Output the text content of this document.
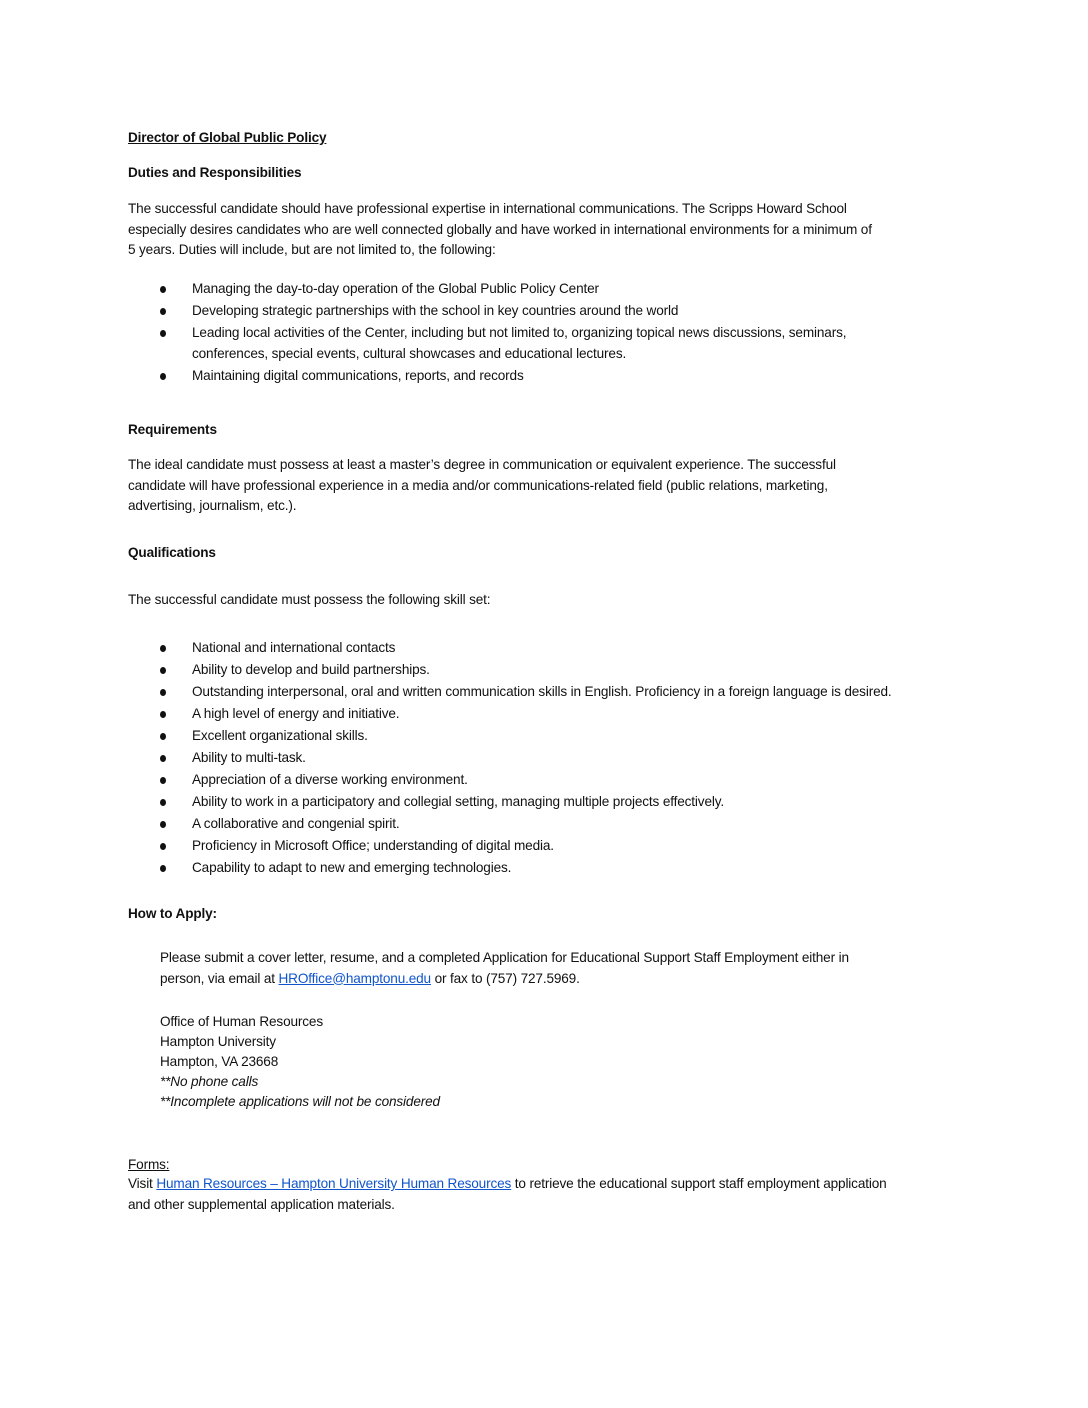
Director of Global Public Policy
Duties and Responsibilities
The successful candidate should have professional expertise in international communications. The Scripps Howard School
especially desires candidates who are well connected globally and have worked in international environments for a minimum of
5 years. Duties will include, but are not limited to, the following:
Managing the day-to-day operation of the Global Public Policy Center
Developing strategic partnerships with the school in key countries around the world
Leading local activities of the Center, including but not limited to, organizing topical news discussions, seminars,
conferences, special events, cultural showcases and educational lectures.
Maintaining digital communications, reports, and records
Requirements
The ideal candidate must possess at least a master’s degree in communication or equivalent experience. The successful
candidate will have professional experience in a media and/or communications-related field (public relations, marketing,
advertising, journalism, etc.).
Qualifications
The successful candidate must possess the following skill set:
National and international contacts
Ability to develop and build partnerships.
Outstanding interpersonal, oral and written communication skills in English. Proficiency in a foreign language is desired.
A high level of energy and initiative.
Excellent organizational skills.
Ability to multi-task.
Appreciation of a diverse working environment.
Ability to work in a participatory and collegial setting, managing multiple projects effectively.
A collaborative and congenial spirit.
Proficiency in Microsoft Office; understanding of digital media.
Capability to adapt to new and emerging technologies.
How to Apply:
Please submit a cover letter, resume, and a completed Application for Educational Support Staff Employment either in
person, via email at HROffice@hamptonu.edu or fax to (757) 727.5969.
Office of Human Resources
Hampton University
Hampton, VA 23668
**No phone calls
**Incomplete applications will not be considered
Forms:
Visit Human Resources – Hampton University Human Resources to retrieve the educational support staff employment application
and other supplemental application materials.
